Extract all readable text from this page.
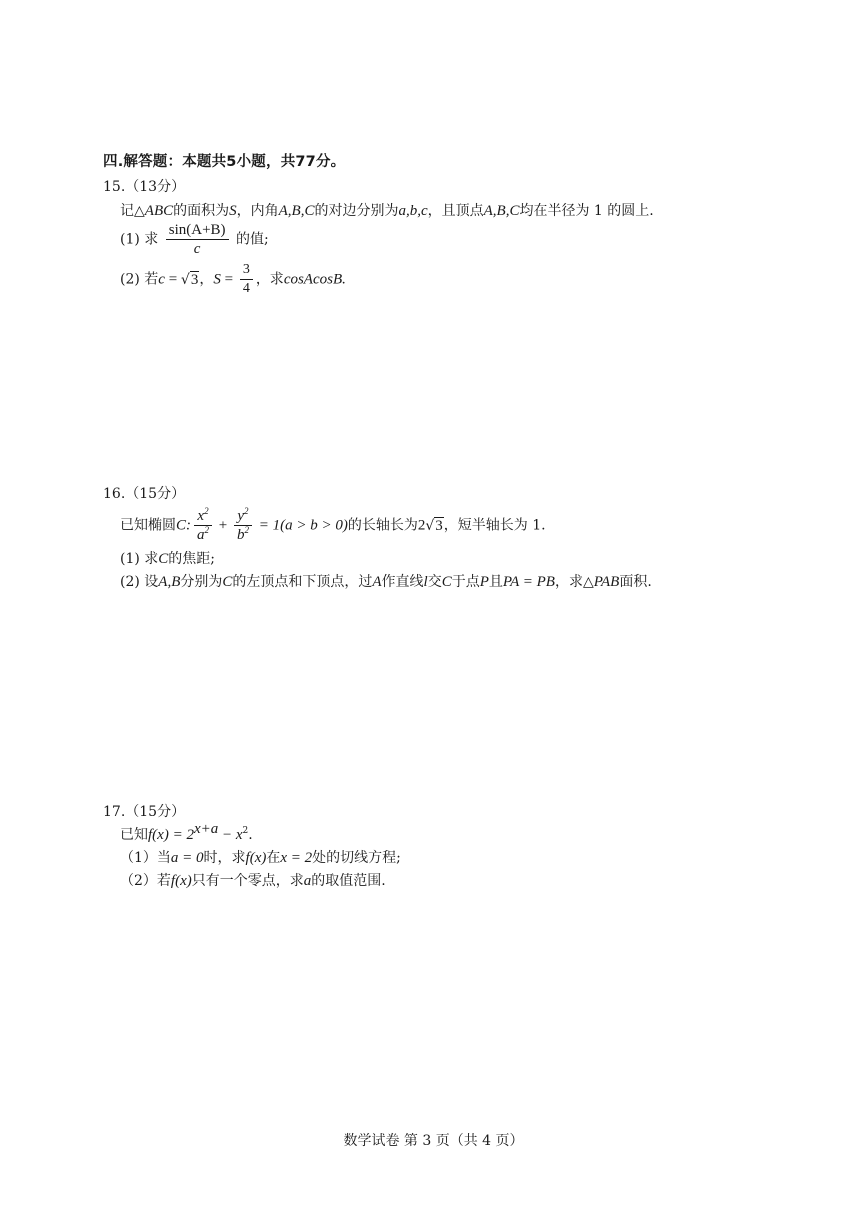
四.解答题：本题共5小题，共77分。
15.（13分）
记△ABC的面积为S，内角A,B,C的对边分别为a,b,c，且顶点A,B,C均在半径为 1 的圆上.
(1) 求 $\frac{\sin(A+B)}{c}$ 的值;
(2) 若c = √3，$S = \frac{3}{4}$ ，求cosAcosB.
16.（15分）
已知椭圆C: $\frac{x^2}{a^2} + \frac{y^2}{b^2} = 1(a > b > 0)$的长轴长为2√3，短半轴长为 1.
(1) 求C的焦距;
(2) 设A,B分别为C的左顶点和下顶点，过A作直线l交C于点P且PA = PB，求△PAB面积.
17.（15分）
已知$f(x) = 2^{x+a} - x^2$.
（1）当a = 0时，求f(x)在x = 2处的切线方程;
（2）若f(x)只有一个零点，求a的取值范围.
数学试卷 第 3 页（共 4 页）
